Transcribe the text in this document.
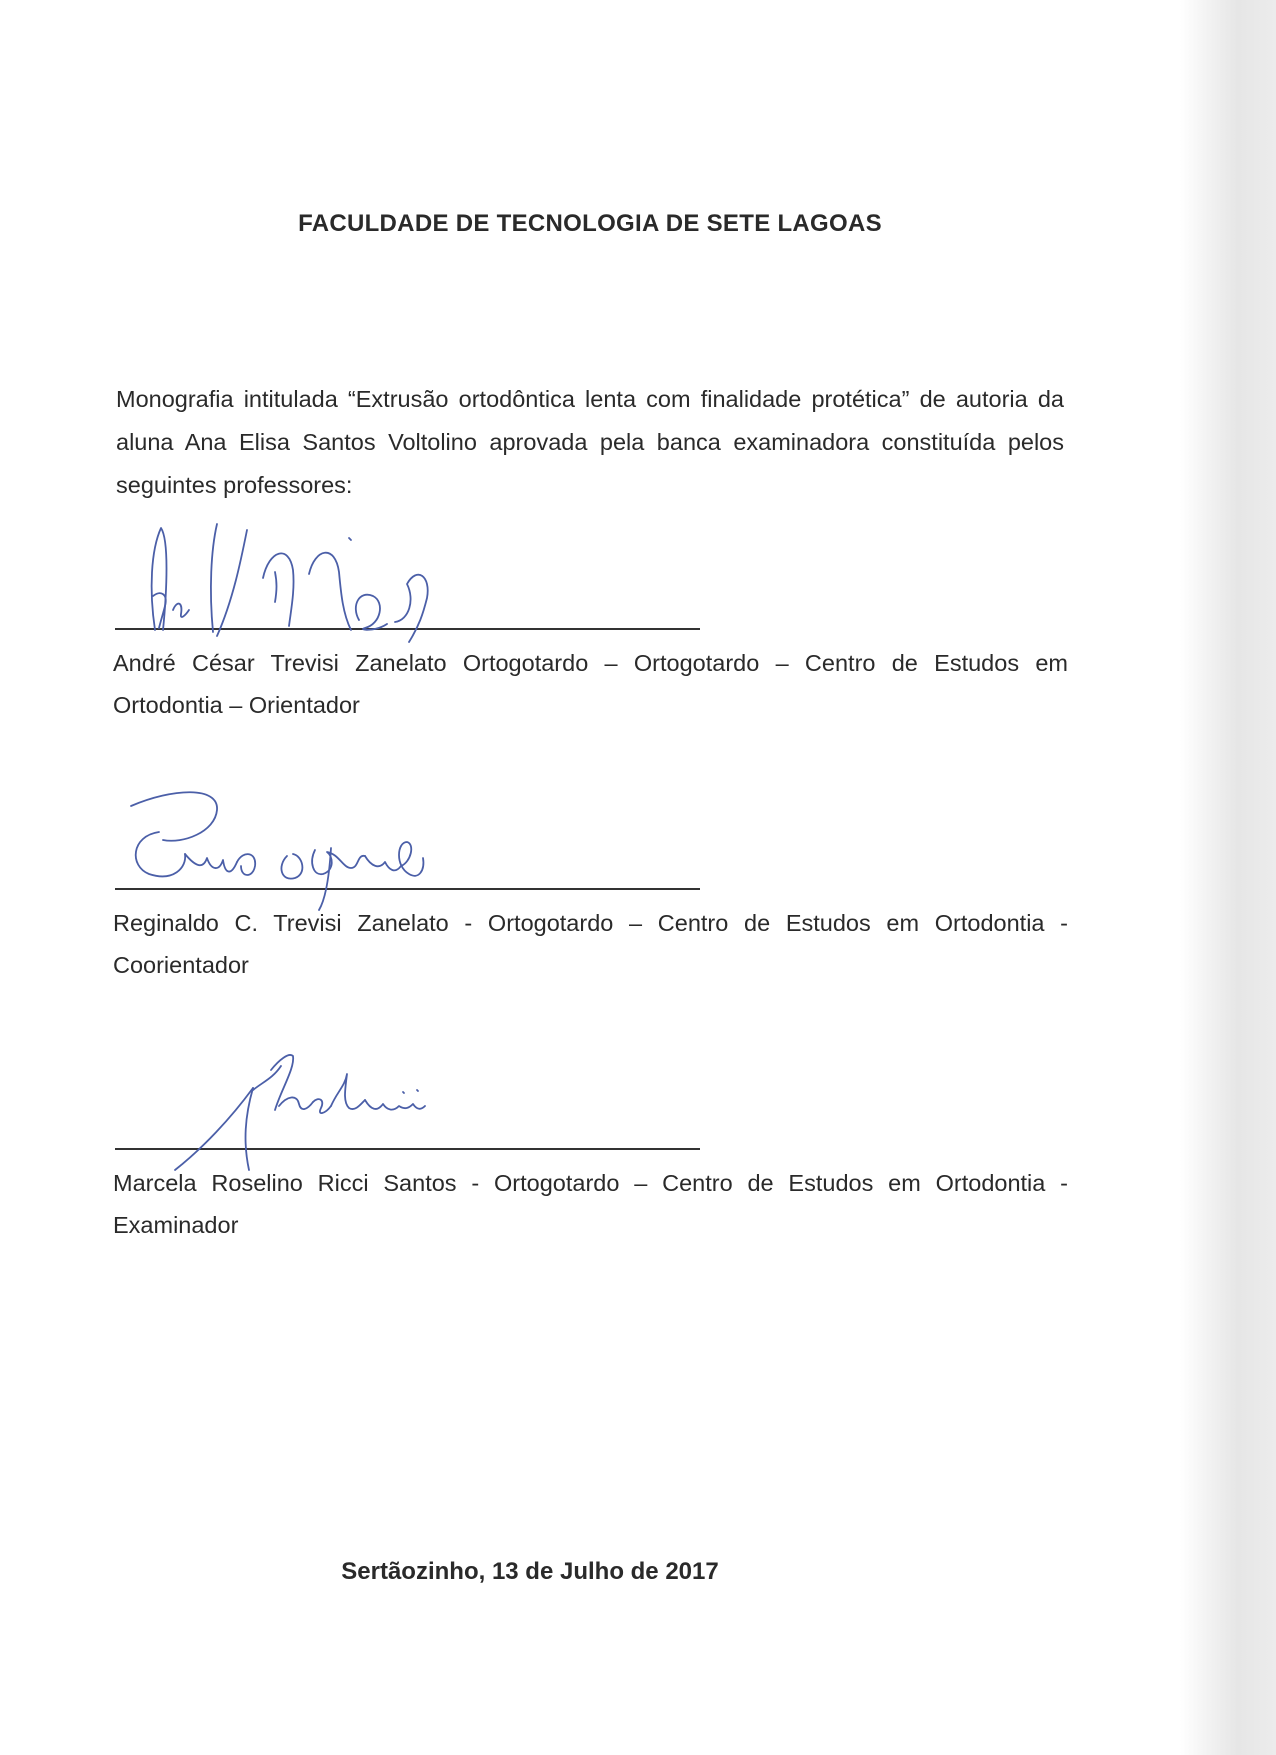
FACULDADE DE TECNOLOGIA DE SETE LAGOAS

Monografia intitulada “Extrusão ortodôntica lenta com finalidade protética” de autoria da aluna Ana Elisa Santos Voltolino aprovada pela banca examinadora constituída pelos seguintes professores:

André César Trevisi Zanelato Ortogotardo – Ortogotardo – Centro de Estudos em Ortodontia – Orientador

Reginaldo C. Trevisi Zanelato - Ortogotardo – Centro de Estudos em Ortodontia - Coorientador

Marcela Roselino Ricci Santos - Ortogotardo – Centro de Estudos em Ortodontia - Examinador

Sertãozinho, 13 de Julho de 2017
